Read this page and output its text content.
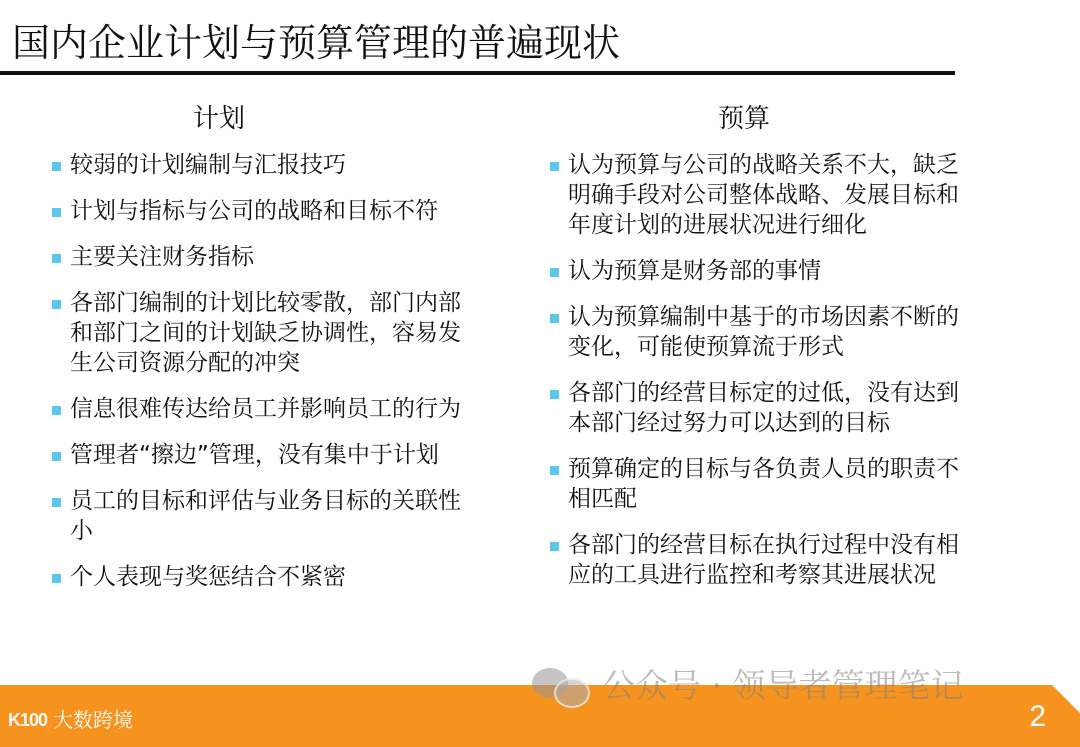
国内企业计划与预算管理的普遍现状
计划	预算
较弱的计划编制与汇报技巧
计划与指标与公司的战略和目标不符
主要关注财务指标
各部门编制的计划比较零散，部门内部和部门之间的计划缺乏协调性，容易发生公司资源分配的冲突
信息很难传达给员工并影响员工的行为
管理者“擦边”管理，没有集中于计划
员工的目标和评估与业务目标的关联性小
个人表现与奖惩结合不紧密
认为预算与公司的战略关系不大，缺乏明确手段对公司整体战略、发展目标和年度计划的进展状况进行细化
认为预算是财务部的事情
认为预算编制中基于的市场因素不断的变化，可能使预算流于形式
各部门的经营目标定的过低，没有达到本部门经过努力可以达到的目标
预算确定的目标与各负责人员的职责不相匹配
各部门的经营目标在执行过程中没有相应的工具进行监控和考察其进展状况
公众号 · 领导者管理笔记
K100 大数跨境	2
